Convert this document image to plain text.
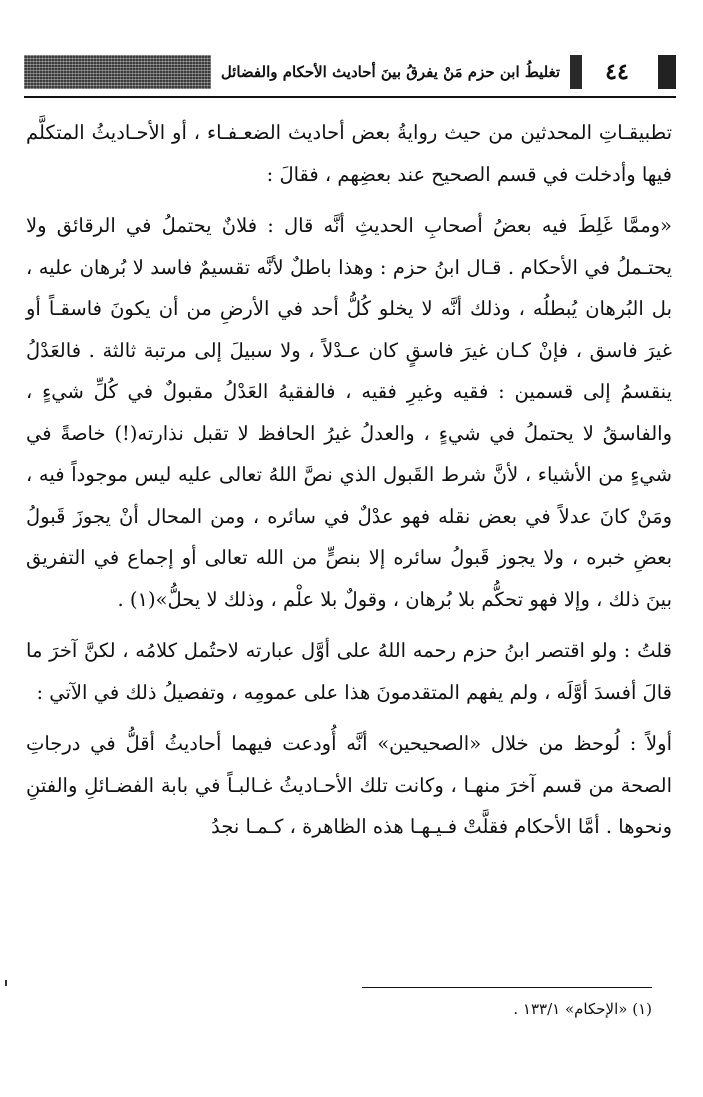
٤٤
تغليطُ ابن حزم مَنْ يفرقُ بينَ أحاديث الأحكام والفضائل

تطبيقـاتِ المحدثين من حيث روايةُ بعض أحاديث الضعـفـاء ، أو الأحـاديثُ المتكلَّم فيها وأدخلت في قسم الصحيح عند بعضِهم ، فقالَ :

«وممَّا غَلِطَ فيه بعضُ أصحابِ الحديثِ أنَّه قال : فلانٌ يحتملُ في الرقائق ولا يحتـملُ في الأحكام . قـال ابنُ حزم : وهذا باطلٌ لأنَّه تقسيمٌ فاسد لا بُرهان عليه ، بل البُرهان يُبطلُه ، وذلك أنَّه لا يخلو كُلُّ أحد في الأرضِ من أن يكونَ فاسقـاً أو غيرَ فاسق ، فإنْ كـان غيرَ فاسقٍ كان عـدْلاً ، ولا سبيلَ إلى مرتبة ثالثة . فالعَدْلُ ينقسمُ إلى قسمين : فقيه وغيرِ فقيه ، فالفقيهُ العَدْلُ مقبولٌ في كُلِّ شيءٍ ، والفاسقُ لا يحتملُ في شيءٍ ، والعدلُ غيرُ الحافظ لا تقبل نذارته(!) خاصةً في شيءٍ من الأشياء ، لأنَّ شرط القَبول الذي نصَّ اللهُ تعالى عليه ليس موجوداً فيه ، ومَنْ كانَ عدلاً في بعض نقله فهو عدْلٌ في سائره ، ومن المحال أنْ يجوزَ قَبولُ بعضِ خبره ، ولا يجوز قَبولُ سائره إلا بنصٍّ من الله تعالى أو إجماع في التفريق بينَ ذلك ، وإلا فهو تحكُّم بلا بُرهان ، وقولٌ بلا علْم ، وذلك لا يحلُّ»(١) .

قلتُ : ولو اقتصر ابنُ حزم رحمه اللهُ على أوَّل عبارته لاحتُمل كلامُه ، لكنَّ آخرَ ما قالَ أفسدَ أوَّلَه ، ولم يفهم المتقدمونَ هذا على عمومِه ، وتفصيلُ ذلك في الآتي :

أولاً : لُوحظ من خلال «الصحيحين» أنَّه أُودعت فيهما أحاديثُ أقلُّ في درجاتِ الصحة من قسم آخرَ منهـا ، وكانت تلك الأحـاديثُ غـالبـاً في بابة الفضـائلِ والفتنِ ونحوها . أمَّا الأحكام فقلَّتْ فـيـهـا هذه الظاهرة ، كـمـا نجدُ

(١) «الإحكام» ١٣٣/١ .
